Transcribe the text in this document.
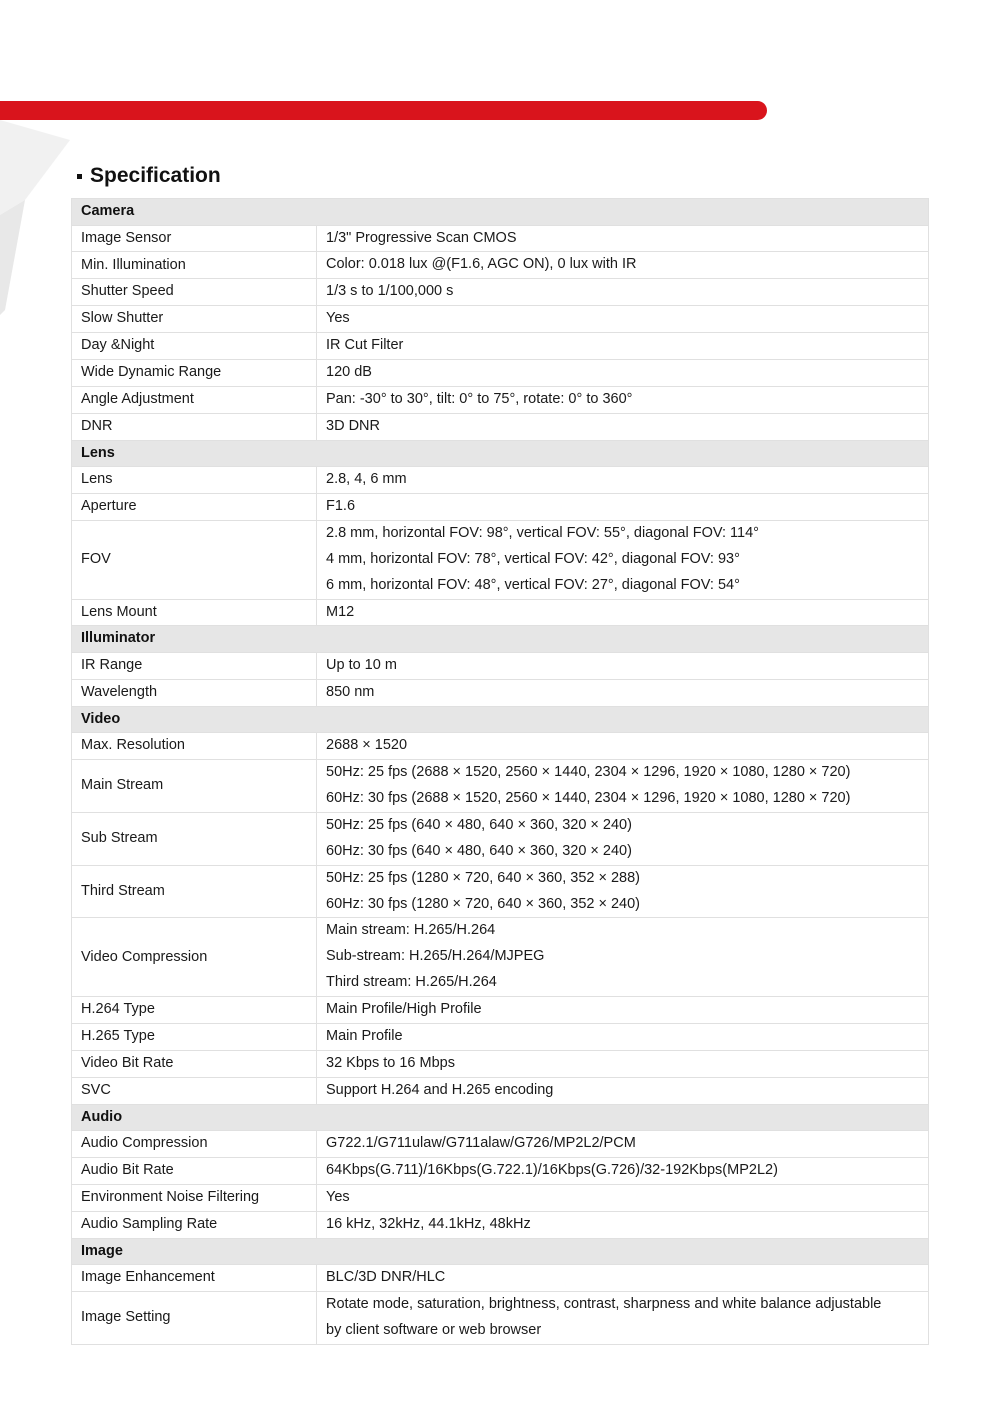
Specification
Camera	
Image Sensor	1/3" Progressive Scan CMOS

Min. Illumination	Color: 0.018 lux @(F1.6, AGC ON), 0 lux with IR

Shutter Speed	1/3 s to 1/100,000 s

Slow Shutter	Yes

Day &Night	IR Cut Filter

Wide Dynamic Range	120 dB

Angle Adjustment	Pan: -30° to 30°, tilt: 0° to 75°, rotate: 0° to 360°

DNR	3D DNR

Lens	
Lens	2.8, 4, 6 mm

Aperture	F1.6

FOV	2.8 mm, horizontal FOV: 98°, vertical FOV: 55°, diagonal FOV: 114°
4 mm, horizontal FOV: 78°, vertical FOV: 42°, diagonal FOV: 93°
6 mm, horizontal FOV: 48°, vertical FOV: 27°, diagonal FOV: 54°

Lens Mount	M12

Illuminator	
IR Range	Up to 10 m

Wavelength	850 nm

Video	
Max. Resolution	2688 × 1520

Main Stream	50Hz: 25 fps (2688 × 1520, 2560 × 1440, 2304 × 1296, 1920 × 1080, 1280 × 720)
60Hz: 30 fps (2688 × 1520, 2560 × 1440, 2304 × 1296, 1920 × 1080, 1280 × 720)

Sub Stream	50Hz: 25 fps (640 × 480, 640 × 360, 320 × 240)
60Hz: 30 fps (640 × 480, 640 × 360, 320 × 240)

Third Stream	50Hz: 25 fps (1280 × 720, 640 × 360, 352 × 288)
60Hz: 30 fps (1280 × 720, 640 × 360, 352 × 240)

Video Compression	Main stream: H.265/H.264
Sub-stream: H.265/H.264/MJPEG
Third stream: H.265/H.264

H.264 Type	Main Profile/High Profile

H.265 Type	Main Profile

Video Bit Rate	32 Kbps to 16 Mbps

SVC	Support H.264 and H.265 encoding

Audio	
Audio Compression	G722.1/G711ulaw/G711alaw/G726/MP2L2/PCM

Audio Bit Rate	64Kbps(G.711)/16Kbps(G.722.1)/16Kbps(G.726)/32-192Kbps(MP2L2)

Environment Noise Filtering	Yes

Audio Sampling Rate	16 kHz, 32kHz, 44.1kHz, 48kHz

Image	
Image Enhancement	BLC/3D DNR/HLC

Image Setting	Rotate mode, saturation, brightness, contrast, sharpness and white balance adjustable
by client software or web browser
